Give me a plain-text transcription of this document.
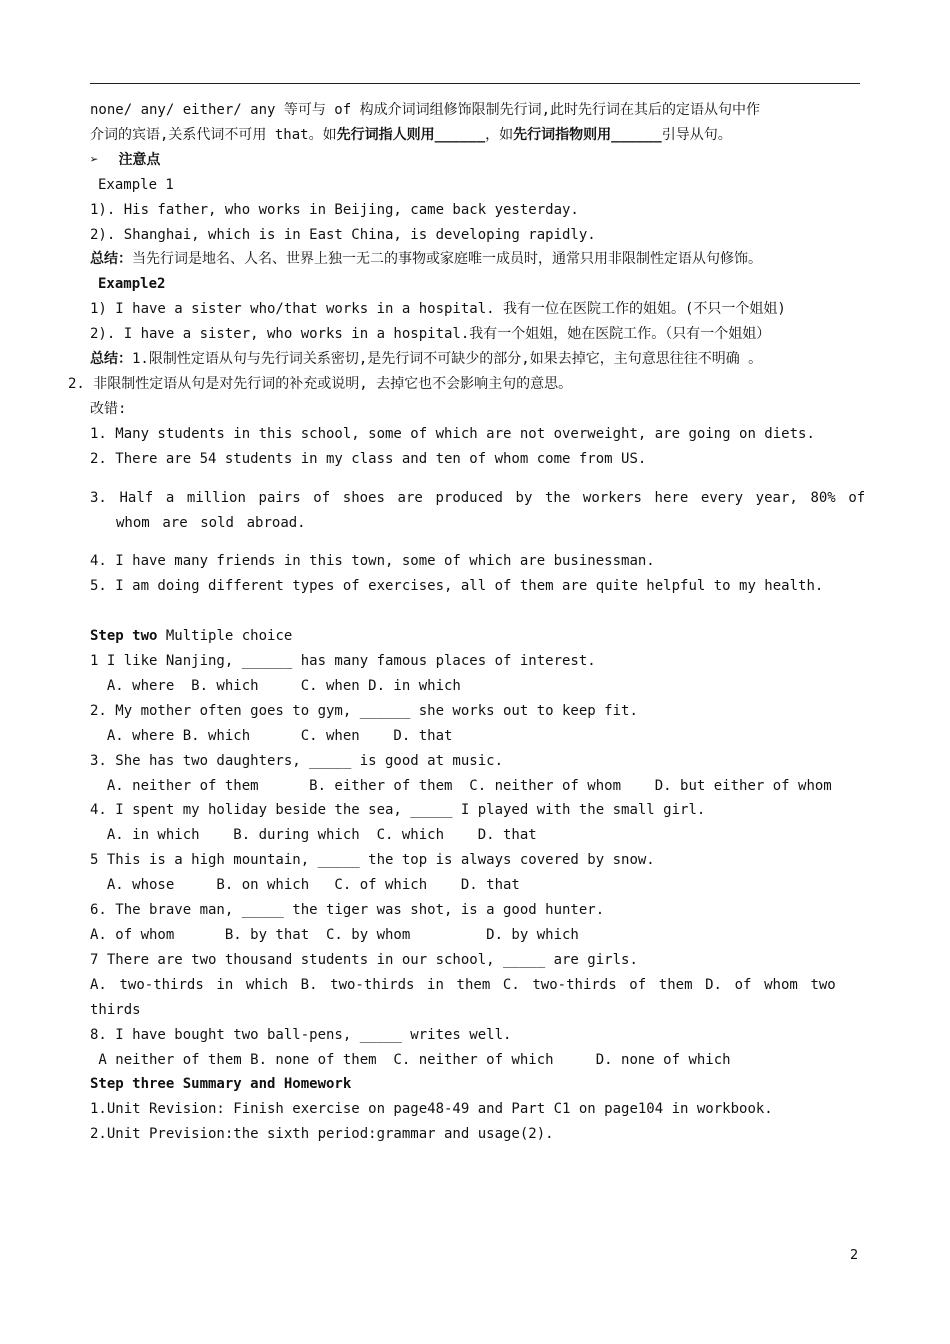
none/ any/ either/ any 等可与 of 构成介词词组修饰限制先行词,此时先行词在其后的定语从句中作

介词的宾语,关系代词不可用 that。如先行词指人则用______，如先行词指物则用______引导从句。

➢ 注意点

Example 1

1). His father, who works in Beijing, came back yesterday.

2). Shanghai, which is in East China, is developing rapidly.

总结：当先行词是地名、人名、世界上独一无二的事物或家庭唯一成员时，通常只用非限制性定语从句修饰。

Example2

1) I have a sister who/that works in a hospital. 我有一位在医院工作的姐姐。(不只一个姐姐)

2). I have a sister, who works in a hospital.我有一个姐姐，她在医院工作。（只有一个姐姐）

总结：1.限制性定语从句与先行词关系密切,是先行词不可缺少的部分,如果去掉它，主句意思往往不明确 。

2. 非限制性定语从句是对先行词的补充或说明, 去掉它也不会影响主句的意思。

改错:

1. Many students in this school, some of which are not overweight, are going on diets.

2. There are 54 students in my class and ten of whom come from US.

3. Half a million pairs of shoes are produced by the workers here every year, 80% of whom are sold abroad.

4. I have many friends in this town, some of which are businessman.

5. I am doing different types of exercises, all of them are quite helpful to my health.

Step two Multiple choice

1 I like Nanjing, ______ has many famous places of interest.

A. where  B. which     C. when D. in which

2. My mother often goes to gym, ______ she works out to keep fit.

A. where B. which      C. when    D. that

3. She has two daughters, _____ is good at music.

A. neither of them      B. either of them  C. neither of whom    D. but either of whom

4. I spent my holiday beside the sea, _____ I played with the small girl.

A. in which    B. during which  C. which    D. that

5 This is a high mountain, _____ the top is always covered by snow.

A. whose     B. on which   C. of which    D. that

6. The brave man, _____ the tiger was shot, is a good hunter.

A. of whom      B. by that  C. by whom         D. by which

7 There are two thousand students in our school, _____ are girls.

A. two-thirds in which B. two-thirds in them C. two-thirds of them D. of whom two thirds

8. I have bought two ball-pens, _____ writes well.

A neither of them B. none of them  C. neither of which     D. none of which

Step three Summary and Homework

1.Unit Revision: Finish exercise on page48-49 and Part C1 on page104 in workbook.

2.Unit Prevision:the sixth period:grammar and usage(2).

2
